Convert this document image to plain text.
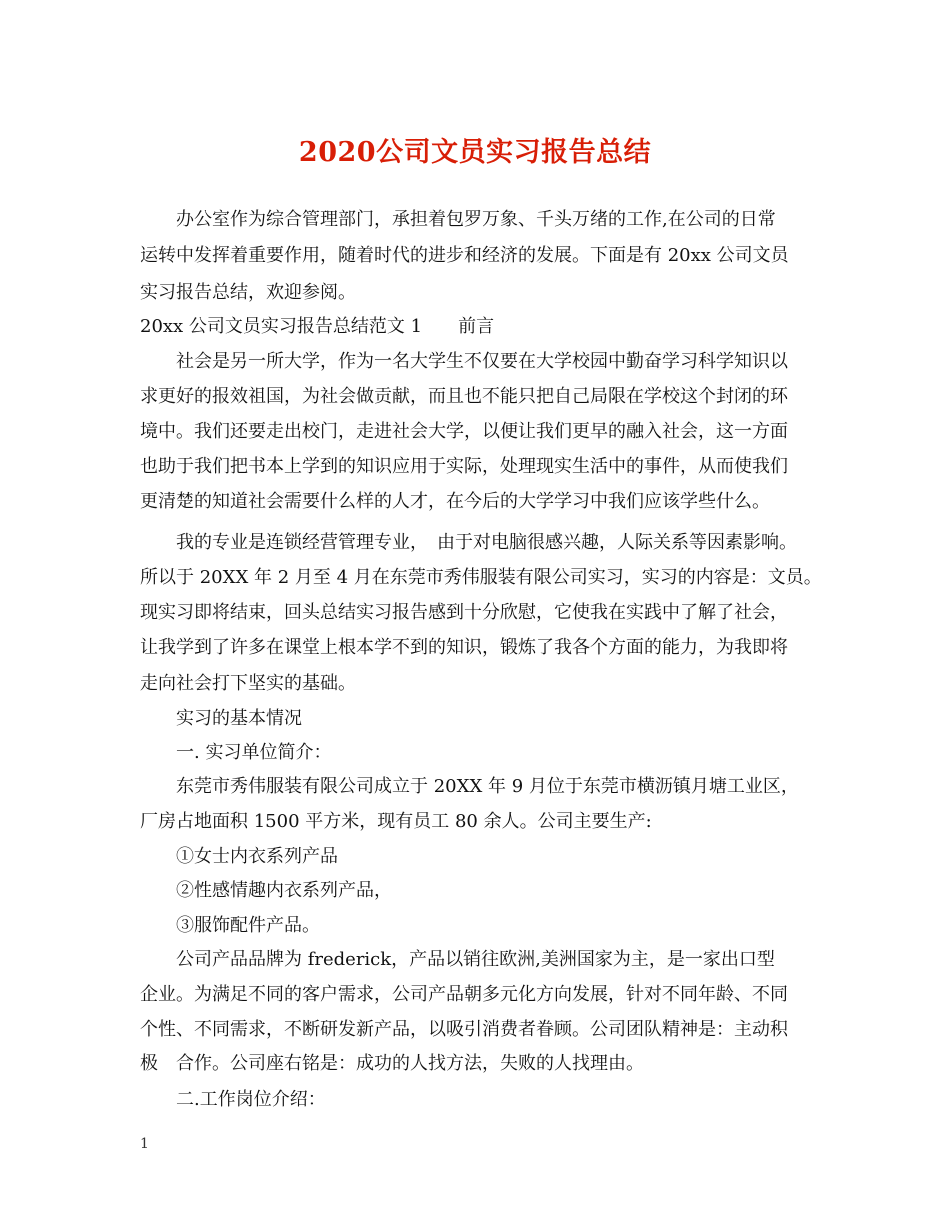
2020公司文员实习报告总结
办公室作为综合管理部门，承担着包罗万象、千头万绪的工作,在公司的日常
运转中发挥着重要作用，随着时代的进步和经济的发展。下面是有 20xx 公司文员
实习报告总结，欢迎参阅。
20xx 公司文员实习报告总结范文 1　　前言
社会是另一所大学，作为一名大学生不仅要在大学校园中勤奋学习科学知识以
求更好的报效祖国，为社会做贡献，而且也不能只把自己局限在学校这个封闭的环
境中。我们还要走出校门，走进社会大学，以便让我们更早的融入社会，这一方面
也助于我们把书本上学到的知识应用于实际，处理现实生活中的事件，从而使我们
更清楚的知道社会需要什么样的人才，在今后的大学学习中我们应该学些什么。
我的专业是连锁经营管理专业，　由于对电脑很感兴趣，人际关系等因素影响。
所以于 20XX 年 2 月至 4 月在东莞市秀伟服装有限公司实习，实习的内容是：文员。
现实习即将结束，回头总结实习报告感到十分欣慰，它使我在实践中了解了社会，
让我学到了许多在课堂上根本学不到的知识，锻炼了我各个方面的能力，为我即将
走向社会打下坚实的基础。
实习的基本情况
一. 实习单位简介：
东莞市秀伟服装有限公司成立于 20XX 年 9 月位于东莞市横沥镇月塘工业区，
厂房占地面积 1500 平方米，现有员工 80 余人。公司主要生产:
①女士内衣系列产品
②性感情趣内衣系列产品，
③服饰配件产品。
公司产品品牌为 frederick，产品以销往欧洲,美洲国家为主，是一家出口型
企业。为满足不同的客户需求，公司产品朝多元化方向发展，针对不同年龄、不同
个性、不同需求，不断研发新产品，以吸引消费者眷顾。公司团队精神是：主动积
极　合作。公司座右铭是：成功的人找方法，失败的人找理由。
二.工作岗位介绍：
1
